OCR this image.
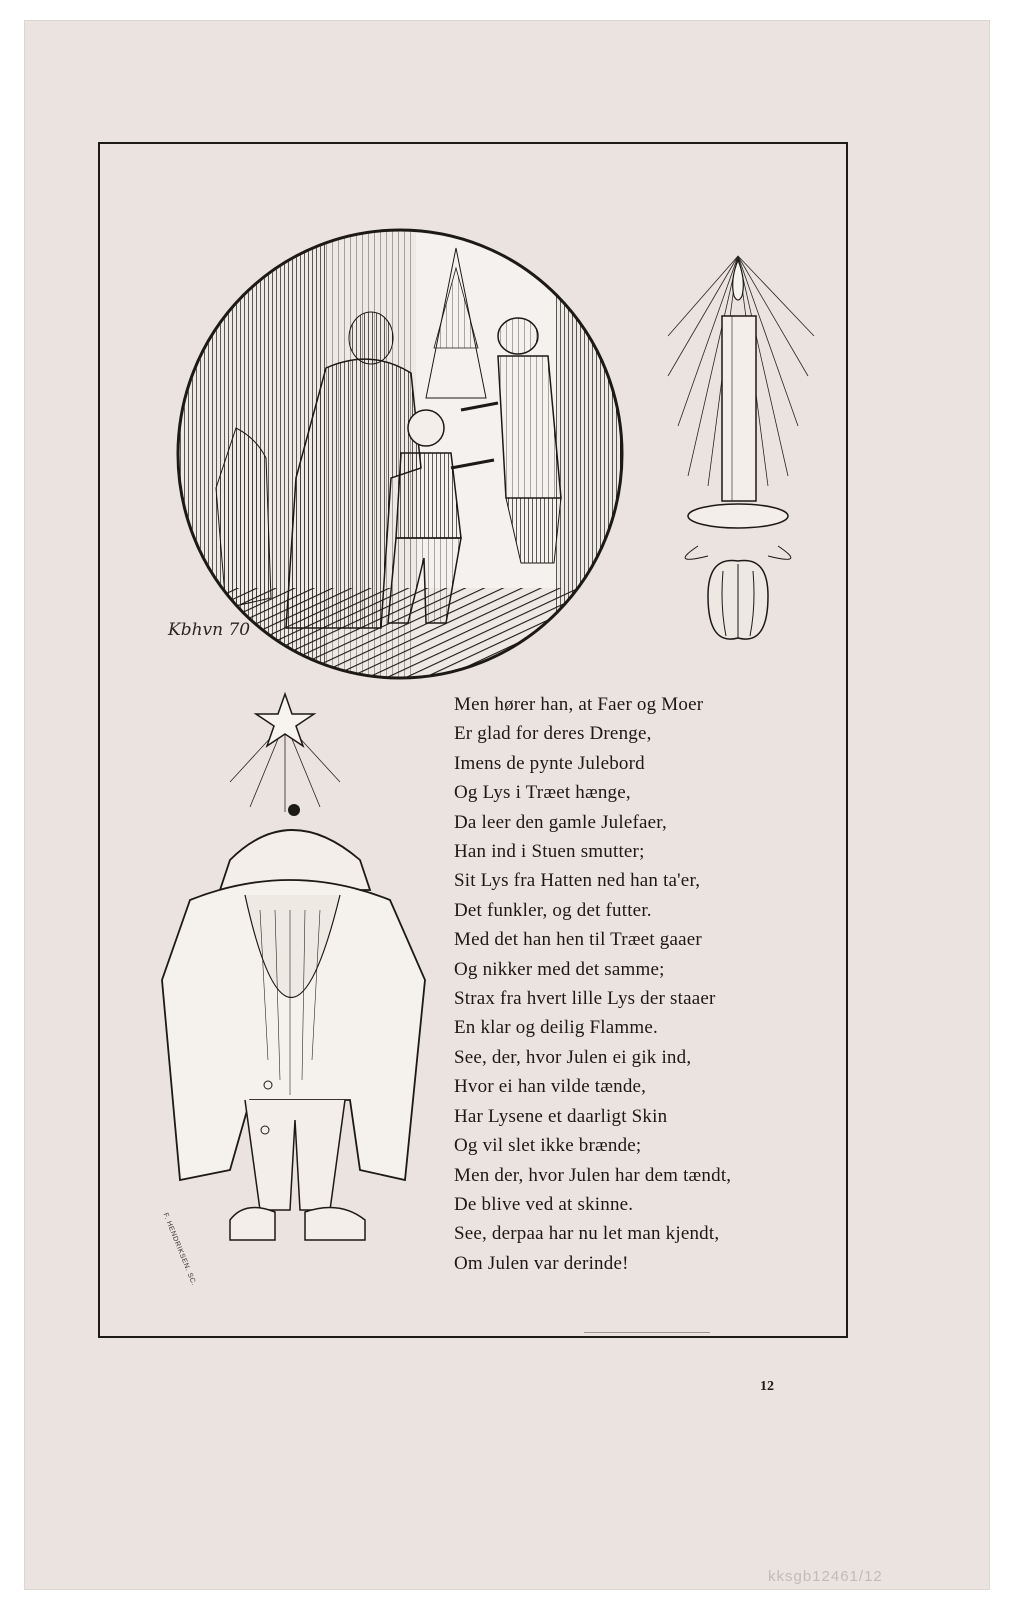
Kbhvn 70
F. HENDRIKSEN. SC.
Men hører han, at Faer og Moer
Er glad for deres Drenge,
Imens de pynte Julebord
Og Lys i Træet hænge,
Da leer den gamle Julefaer,
Han ind i Stuen smutter;
Sit Lys fra Hatten ned han ta'er,
Det funkler, og det futter.
Med det han hen til Træet gaaer
Og nikker med det samme;
Strax fra hvert lille Lys der staaer
En klar og deilig Flamme.
See, der, hvor Julen ei gik ind,
Hvor ei han vilde tænde,
Har Lysene et daarligt Skin
Og vil slet ikke brænde;
Men der, hvor Julen har dem tændt,
De blive ved at skinne.
See, derpaa har nu let man kjendt,
Om Julen var derinde!
12
kksgb12461/12
